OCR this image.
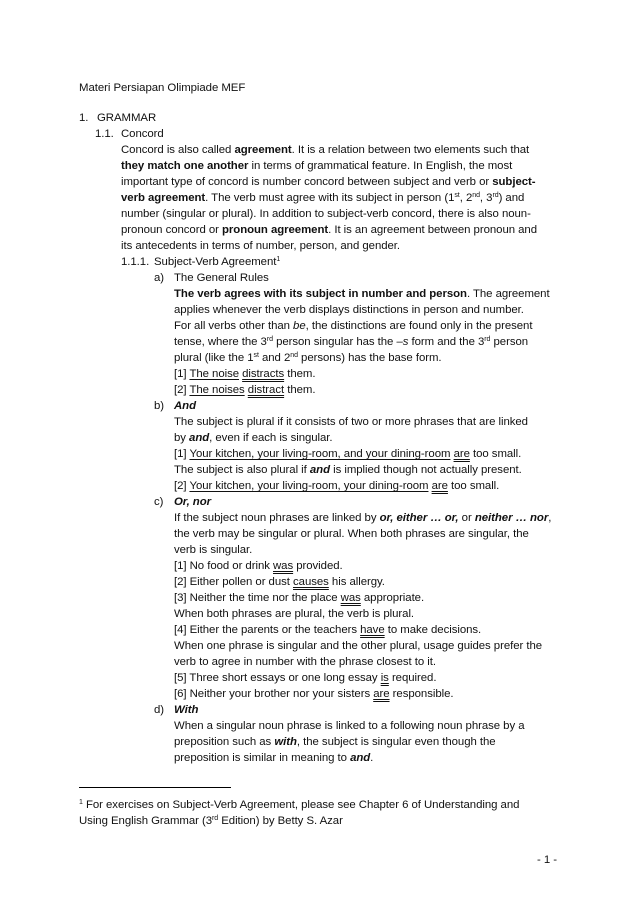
Materi Persiapan Olimpiade MEF
1. GRAMMAR
1.1. Concord
Concord is also called agreement. It is a relation between two elements such that
they match one another in terms of grammatical feature. In English, the most
important type of concord is number concord between subject and verb or subject-
verb agreement. The verb must agree with its subject in person (1st, 2nd, 3rd) and
number (singular or plural). In addition to subject-verb concord, there is also noun-
pronoun concord or pronoun agreement. It is an agreement between pronoun and
its antecedents in terms of number, person, and gender.
1.1.1. Subject-Verb Agreement$^1$
a) The General Rules
The verb agrees with its subject in number and person. The agreement
applies whenever the verb displays distinctions in person and number.
For all verbs other than be, the distinctions are found only in the present
tense, where the 3rd person singular has the –s form and the 3rd person
plural (like the 1st and 2nd persons) has the base form.
[1] The noise distracts them.
[2] The noises distract them.
b) And
The subject is plural if it consists of two or more phrases that are linked
by and, even if each is singular.
[1] Your kitchen, your living-room, and your dining-room are too small.
The subject is also plural if and is implied though not actually present.
[2] Your kitchen, your living-room, your dining-room are too small.
c) Or, nor
If the subject noun phrases are linked by or, either … or, or neither … nor,
the verb may be singular or plural. When both phrases are singular, the
verb is singular.
[1] No food or drink was provided.
[2] Either pollen or dust causes his allergy.
[3] Neither the time nor the place was appropriate.
When both phrases are plural, the verb is plural.
[4] Either the parents or the teachers have to make decisions.
When one phrase is singular and the other plural, usage guides prefer the
verb to agree in number with the phrase closest to it.
[5] Three short essays or one long essay is required.
[6] Neither your brother nor your sisters are responsible.
d) With
When a singular noun phrase is linked to a following noun phrase by a
preposition such as with, the subject is singular even though the
preposition is similar in meaning to and.
$^1$ For exercises on Subject-Verb Agreement, please see Chapter 6 of Understanding and
Using English Grammar (3rd Edition) by Betty S. Azar
- 1 -
